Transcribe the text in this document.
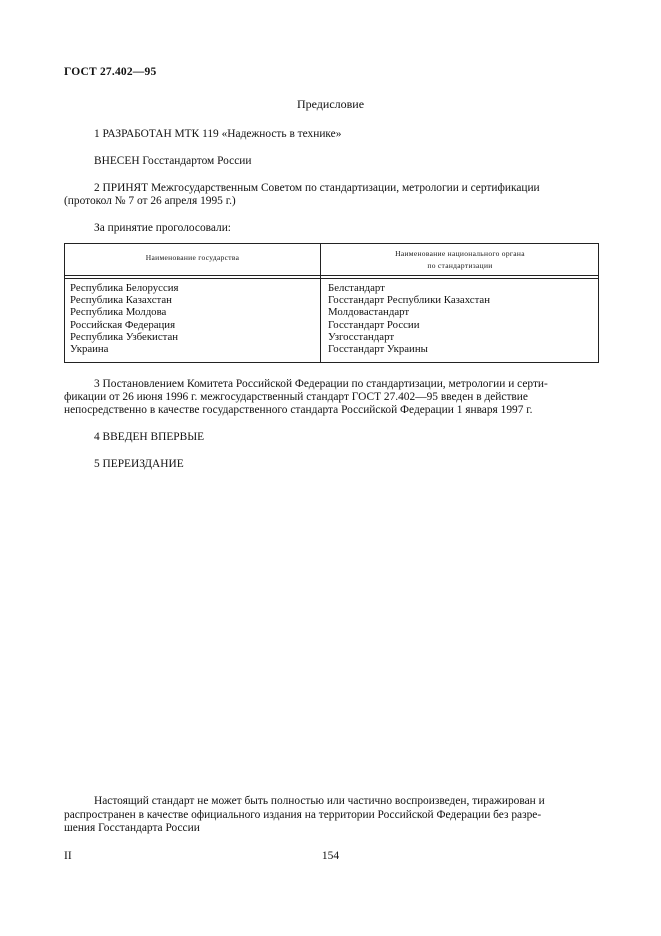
ГОСТ 27.402—95
Предисловие
1 РАЗРАБОТАН МТК 119 «Надежность в технике»
ВНЕСЕН Госстандартом России
2 ПРИНЯТ Межгосударственным Советом по стандартизации, метрологии и сертификации
(протокол № 7 от 26 апреля 1995 г.)
За принятие проголосовали:
Наименование государства	Наименование национального органа
по стандартизации
Республика Белоруссия
Республика Казахстан
Республика Молдова
Российская Федерация
Республика Узбекистан
Украина
Белстандарт
Госстандарт Республики Казахстан
Молдовастандарт
Госстандарт России
Узгосстандарт
Госстандарт Украины
3 Постановлением Комитета Российской Федерации по стандартизации, метрологии и серти-
фикации от 26 июня 1996 г. межгосударственный стандарт ГОСТ 27.402—95 введен в действие
непосредственно в качестве государственного стандарта Российской Федерации 1 января 1997 г.
4 ВВЕДЕН ВПЕРВЫЕ
5 ПЕРЕИЗДАНИЕ
Настоящий стандарт не может быть полностью или частично воспроизведен, тиражирован и
распространен в качестве официального издания на территории Российской Федерации без разре-
шения Госстандарта России
II	154
